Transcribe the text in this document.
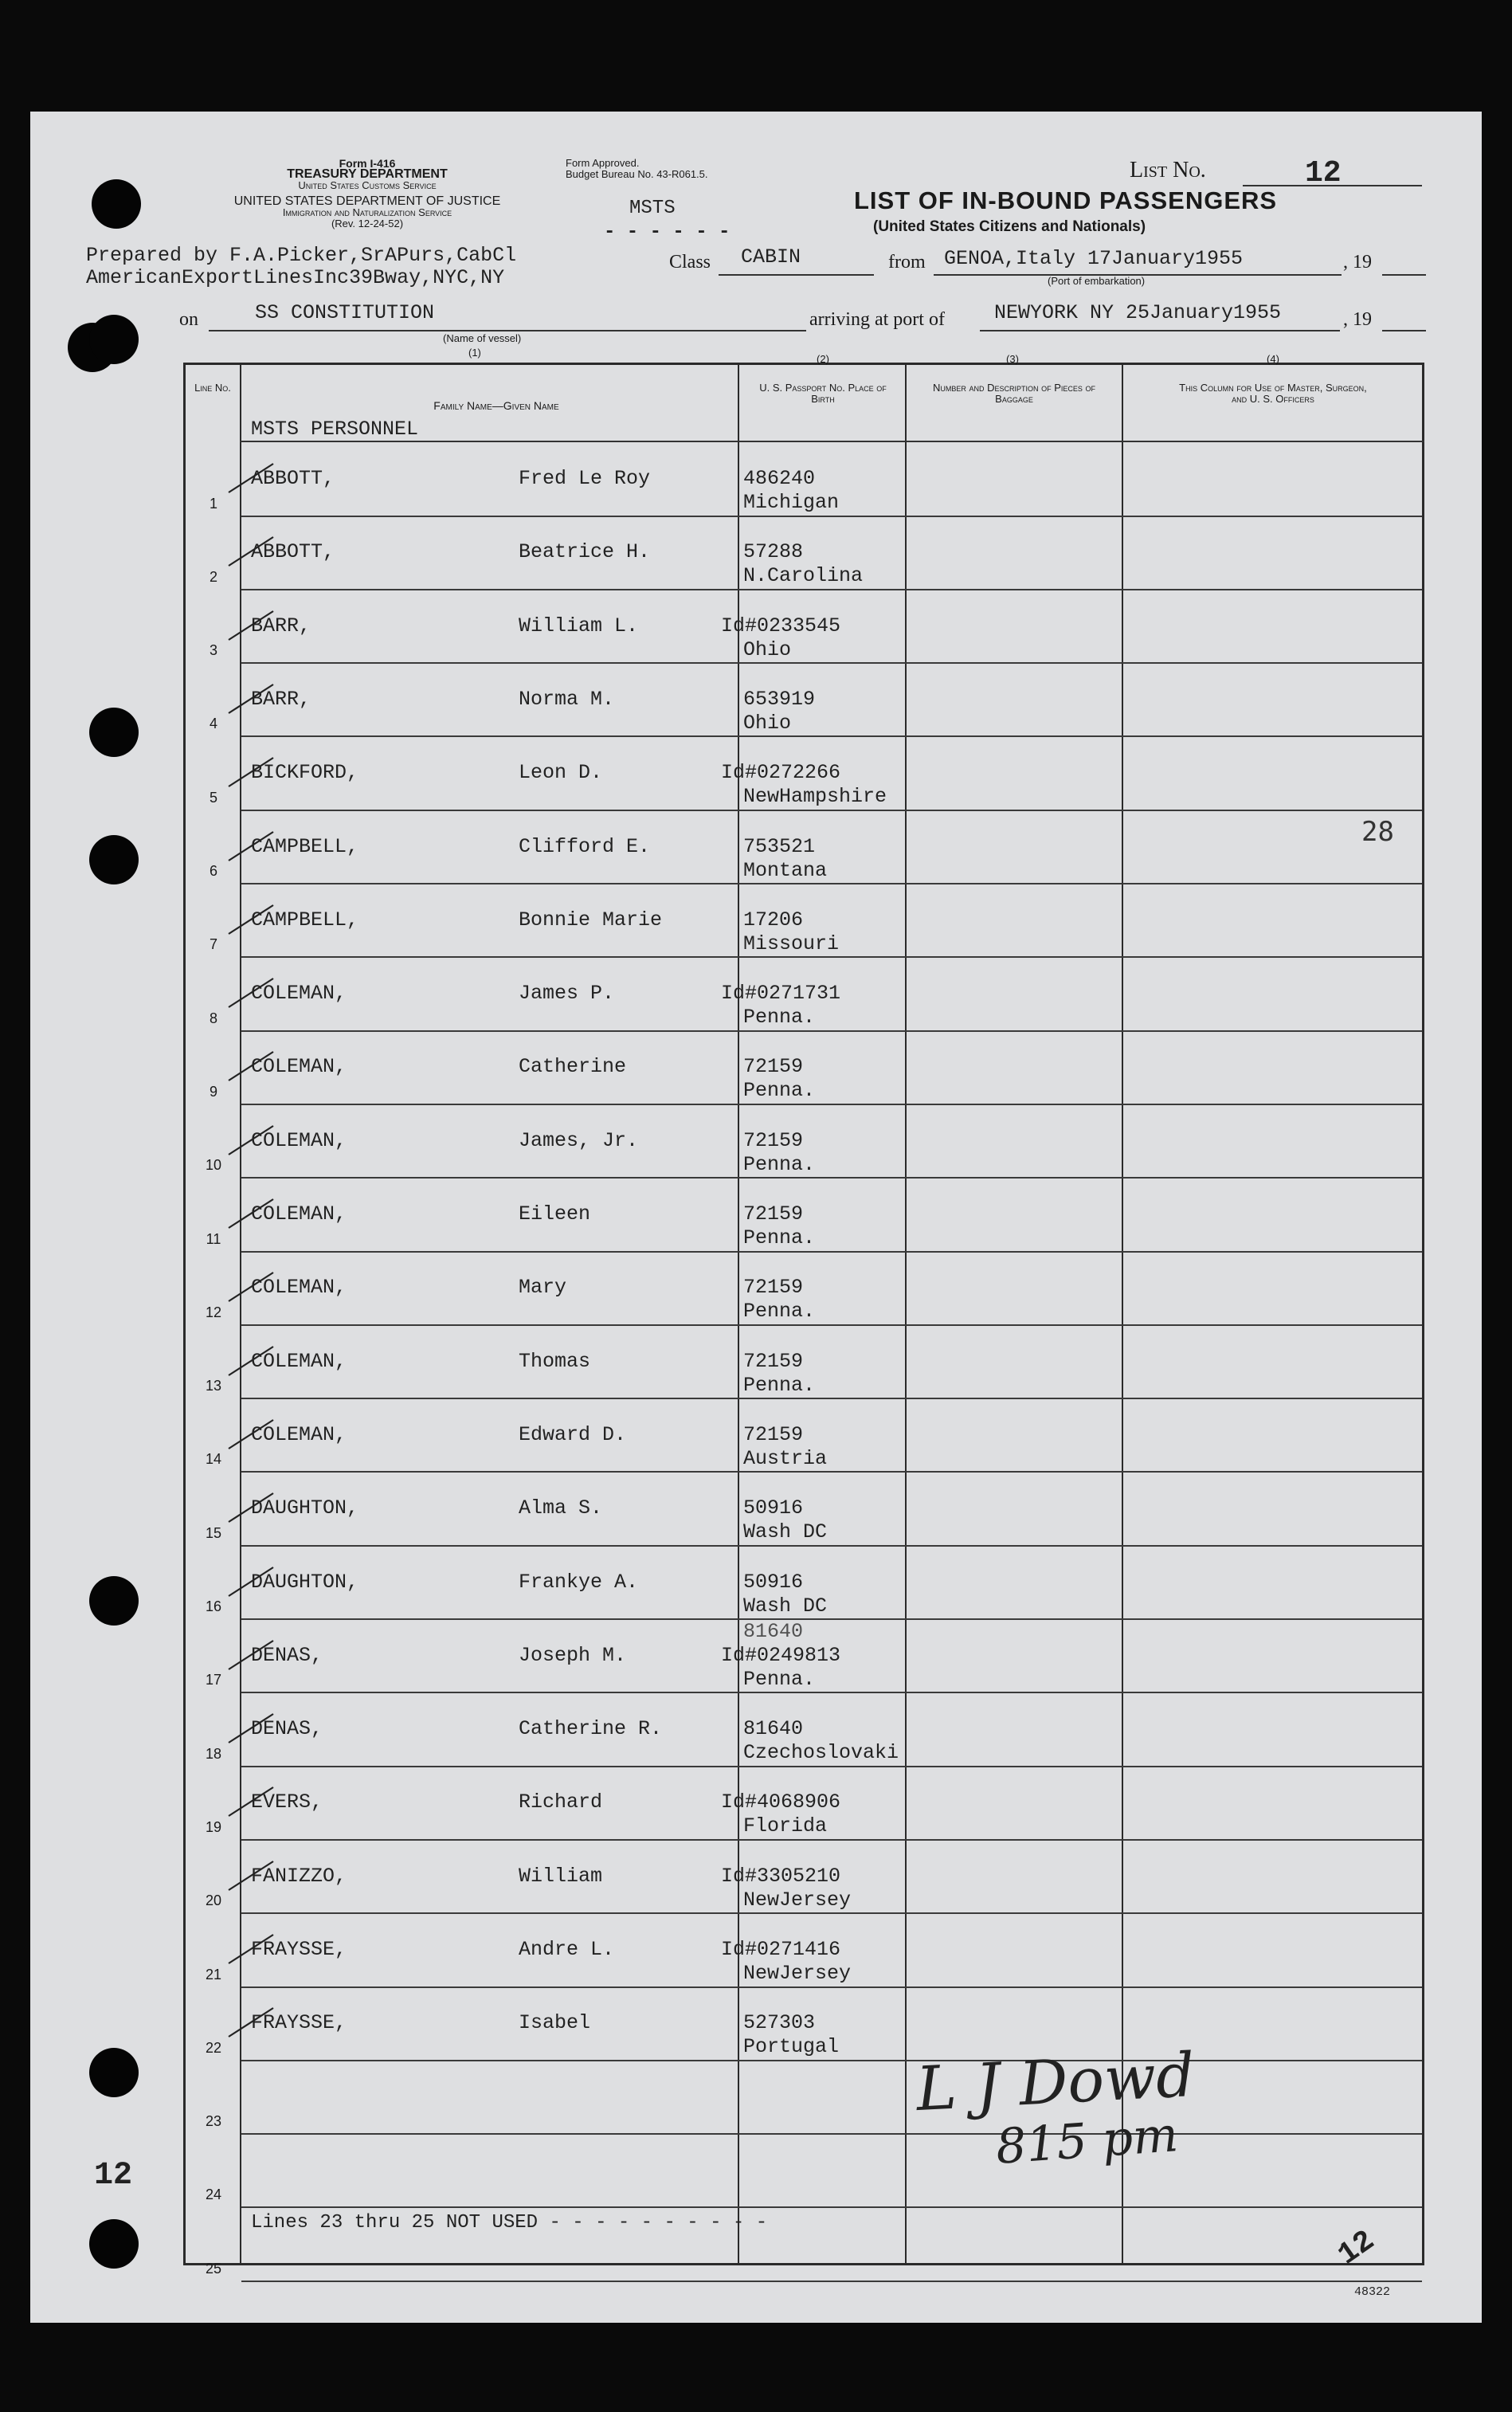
Form I-416
TREASURY DEPARTMENT
United States Customs Service
UNITED STATES DEPARTMENT OF JUSTICE
Immigration and Naturalization Service
(Rev. 12-24-52)
Prepared by F.A.Picker,SrAPurs,CabCl
AmericanExportLinesInc39Bway,NYC,NY
Form Approved.
Budget Bureau No. 43-R061.5.
MSTS
- - - - - -
List No.	12
LIST OF IN-BOUND PASSENGERS
(United States Citizens and Nationals)
Class CABIN	from GENOA,Italy 17January1955	, 19
(Port of embarkation)
on	SS CONSTITUTION
(Name of vessel)
(1)
arriving at port of NEWYORK NY 25January1955	, 19
Line No.
Family Name—Given Name
MSTS PERSONNEL
U. S. Passport No. Place of Birth
(2)
Number and Description of Pieces of Baggage
(3)
This Column for Use of Master, Surgeon, and U. S. Officers
(4)
1
ABBOTT,	Fred Le Roy	486240
Michigan
2
ABBOTT,	Beatrice H.	57288
N.Carolina
3
BARR,	William L.	Id#0233545
Ohio
4
BARR,	Norma M.	653919
Ohio
5
BICKFORD,	Leon D.	Id#0272266
NewHampshire
6
CAMPBELL,	Clifford E.	753521
Montana
7
CAMPBELL,	Bonnie Marie	17206
Missouri
8
COLEMAN,	James P.	Id#0271731
Penna.
9
COLEMAN,	Catherine	72159
Penna.
10
COLEMAN,	James, Jr.	72159
Penna.
11
COLEMAN,	Eileen	72159
Penna.
12
COLEMAN,	Mary	72159
Penna.
13
COLEMAN,	Thomas	72159
Penna.
14
COLEMAN,	Edward D.	72159
Austria
15
DAUGHTON,	Alma S.	50916
Wash DC
16
DAUGHTON,	Frankye A.	50916
Wash DC
17
DENAS,	Joseph M.	Id#0249813
Penna.
18
DENAS,	Catherine R.	81640
Czechoslovaki
19
EVERS,	Richard	Id#4068906
Florida
20
FANIZZO,	William	Id#3305210
NewJersey
21
FRAYSSE,	Andre L.	Id#0271416
NewJersey
22
FRAYSSE,	Isabel	527303
Portugal
23
24
25
81640
Lines 23 thru 25 NOT USED - - - - - - - - - -
28
L J Dowd
815 pm
12
12
48322
